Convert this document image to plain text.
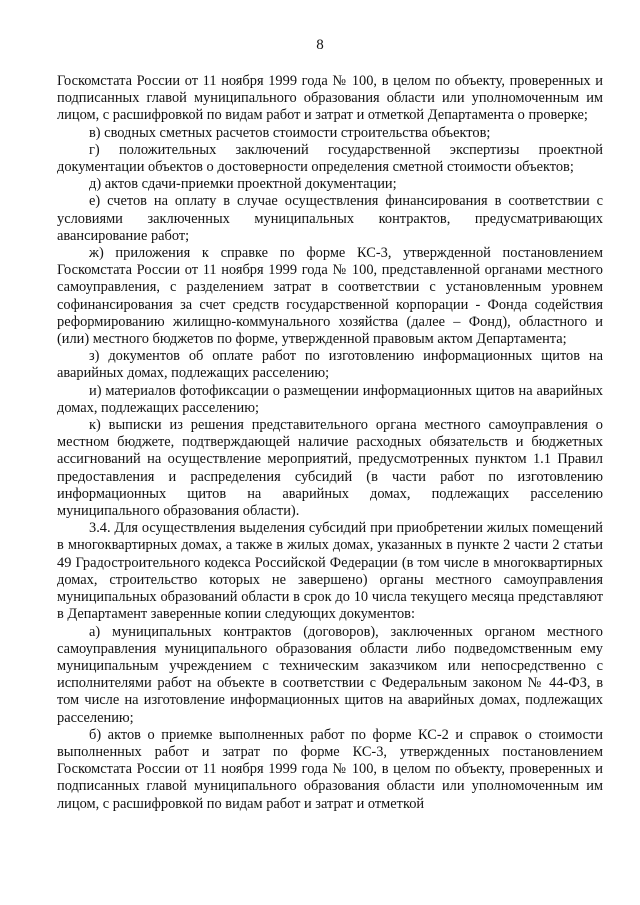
8

Госкомстата России от 11 ноября 1999 года № 100, в целом по объекту, проверенных и подписанных главой муниципального образования области или уполномоченным им лицом, с расшифровкой по видам работ и затрат и отметкой Департамента о проверке;

в) сводных сметных расчетов стоимости строительства объектов;

г) положительных заключений государственной экспертизы проектной документации объектов о достоверности определения сметной стоимости объектов;

д) актов сдачи-приемки проектной документации;

е) счетов на оплату в случае осуществления финансирования в соответствии с условиями заключенных муниципальных контрактов, предусматривающих авансирование работ;

ж) приложения к справке по форме КС-3, утвержденной постановлением Госкомстата России от 11 ноября 1999 года № 100, представленной органами местного самоуправления, с разделением затрат в соответствии с установленным уровнем софинансирования за счет средств государственной корпорации - Фонда содействия реформированию жилищно-коммунального хозяйства (далее – Фонд), областного и (или) местного бюджетов по форме, утвержденной правовым актом Департамента;

з) документов об оплате работ по изготовлению информационных щитов на аварийных домах, подлежащих расселению;

и) материалов фотофиксации о размещении информационных щитов на аварийных домах, подлежащих расселению;

к) выписки из решения представительного органа местного самоуправления о местном бюджете, подтверждающей наличие расходных обязательств и бюджетных ассигнований на осуществление мероприятий, предусмотренных пунктом 1.1 Правил предоставления и распределения субсидий (в части работ по изготовлению информационных щитов на аварийных домах, подлежащих расселению муниципального образования области).

3.4. Для осуществления выделения субсидий при приобретении жилых помещений в многоквартирных домах, а также в жилых домах, указанных в пункте 2 части 2 статьи 49 Градостроительного кодекса Российской Федерации (в том числе в многоквартирных домах, строительство которых не завершено) органы местного самоуправления муниципальных образований области в срок до 10 числа текущего месяца представляют в Департамент заверенные копии следующих документов:

а) муниципальных контрактов (договоров), заключенных органом местного самоуправления муниципального образования области либо подведомственным ему муниципальным учреждением с техническим заказчиком или непосредственно с исполнителями работ на объекте в соответствии с Федеральным законом № 44-ФЗ, в том числе на изготовление информационных щитов на аварийных домах, подлежащих расселению;

б) актов о приемке выполненных работ по форме КС-2 и справок о стоимости выполненных работ и затрат по форме КС-3, утвержденных постановлением Госкомстата России от 11 ноября 1999 года № 100, в целом по объекту, проверенных и подписанных главой муниципального образования области или уполномоченным им лицом, с расшифровкой по видам работ и затрат и отметкой
